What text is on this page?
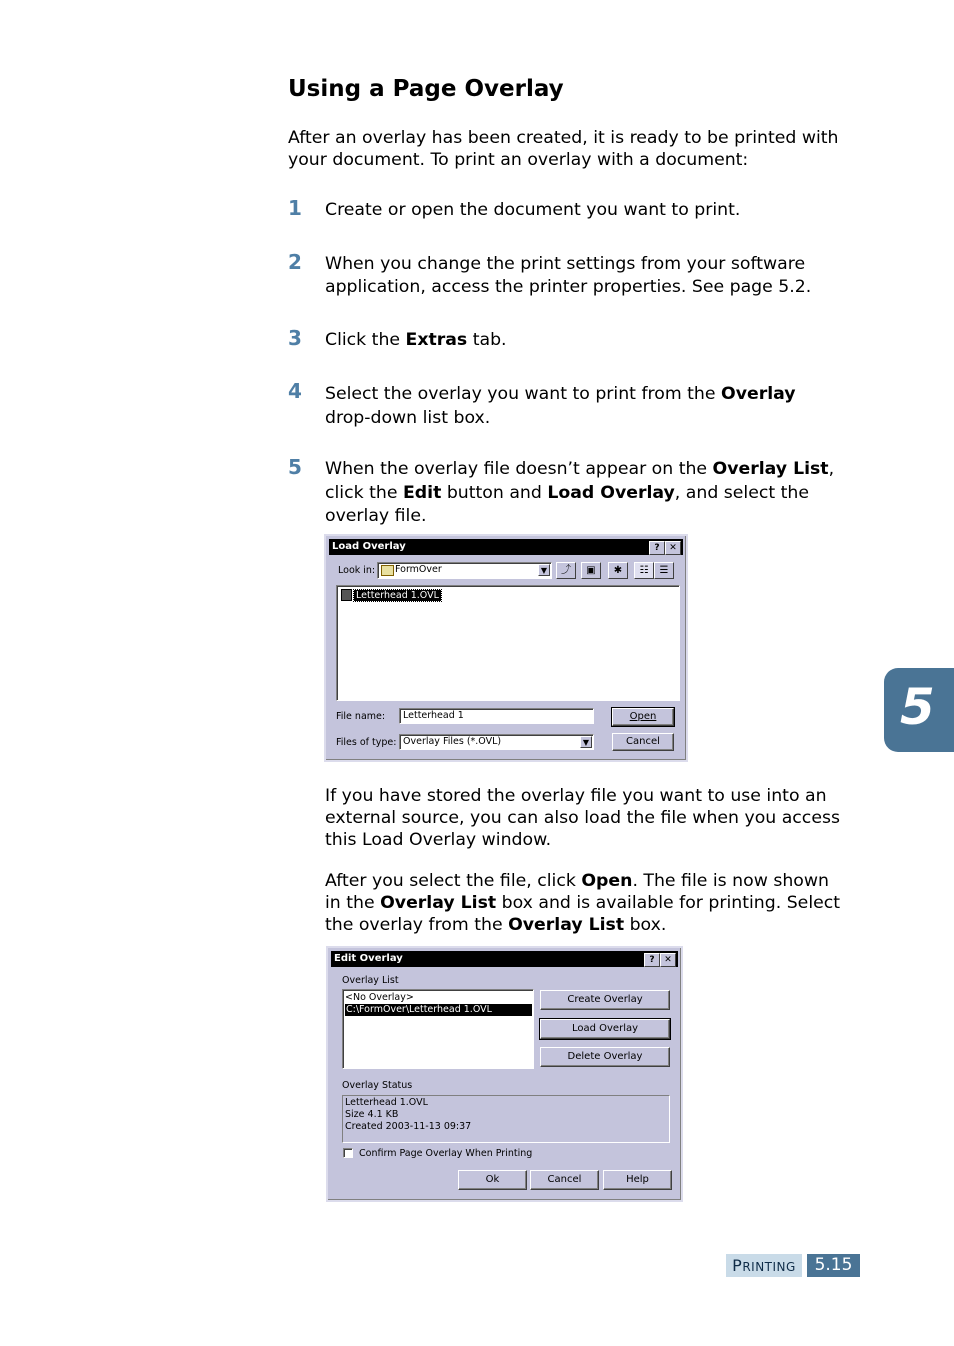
Using a Page Overlay
After an overlay has been created, it is ready to be printed with
your document. To print an overlay with a document:
1 Create or open the document you want to print.
2 When you change the print settings from your software
application, access the printer properties. See page 5.2.
3 Click the Extras tab.
4 Select the overlay you want to print from the Overlay
drop-down list box.
5 When the overlay file doesn’t appear on the Overlay List,
click the Edit button and Load Overlay, and select the
overlay file.
Load Overlay	?	✕
Look in:	FormOver	▼	⤴	▣	✱	☷	☰
Letterhead 1.OVL
File name:	Letterhead 1
Files of type: Overlay Files (*.OVL)	▼
Open
Cancel
If you have stored the overlay file you want to use into an
external source, you can also load the file when you access
this Load Overlay window.
After you select the file, click Open. The file is now shown
in the Overlay List box and is available for printing. Select
the overlay from the Overlay List box.
Edit Overlay	?	✕
Overlay List
<No Overlay>
C:\FormOver\Letterhead 1.OVL
Create Overlay
Load Overlay
Delete Overlay
Overlay Status
Letterhead 1.OVL
Size 4.1 KB
Created 2003-11-13 09:37
Confirm Page Overlay When Printing
Ok	Cancel	Help
5
PRINTING	5.15
